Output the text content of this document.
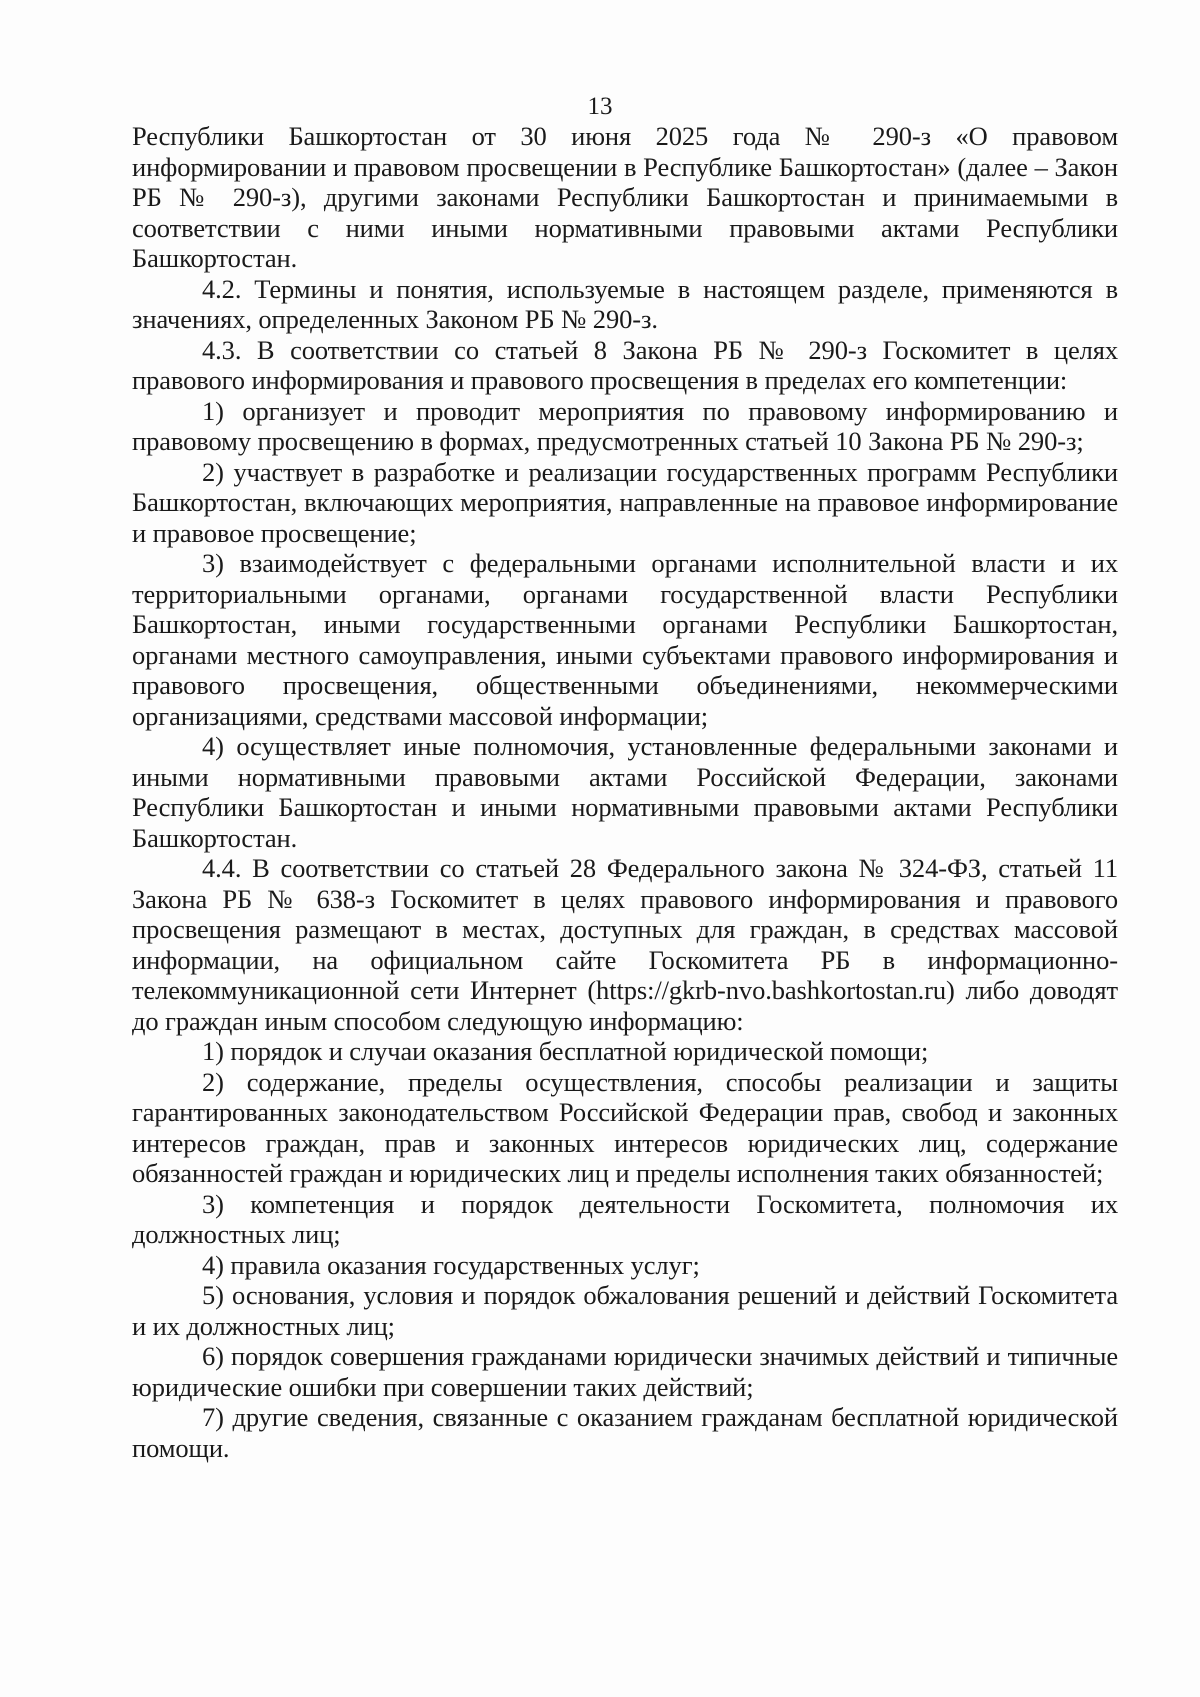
13

Республики Башкортостан от 30 июня 2025 года № 290-з «О правовом информировании и правовом просвещении в Республике Башкортостан» (далее – Закон РБ № 290-з), другими законами Республики Башкортостан и принимаемыми в соответствии с ними иными нормативными правовыми актами Республики Башкортостан.

4.2. Термины и понятия, используемые в настоящем разделе, применяются в значениях, определенных Законом РБ № 290-з.

4.3. В соответствии со статьей 8 Закона РБ № 290-з Госкомитет в целях правового информирования и правового просвещения в пределах его компетенции:

1) организует и проводит мероприятия по правовому информированию и правовому просвещению в формах, предусмотренных статьей 10 Закона РБ № 290-з;

2) участвует в разработке и реализации государственных программ Республики Башкортостан, включающих мероприятия, направленные на правовое информирование и правовое просвещение;

3) взаимодействует с федеральными органами исполнительной власти и их территориальными органами, органами государственной власти Республики Башкортостан, иными государственными органами Республики Башкортостан, органами местного самоуправления, иными субъектами правового информирования и правового просвещения, общественными объединениями, некоммерческими организациями, средствами массовой информации;

4) осуществляет иные полномочия, установленные федеральными законами и иными нормативными правовыми актами Российской Федерации, законами Республики Башкортостан и иными нормативными правовыми актами Республики Башкортостан.

4.4. В соответствии со статьей 28 Федерального закона № 324-ФЗ, статьей 11 Закона РБ № 638-з Госкомитет в целях правового информирования и правового просвещения размещают в местах, доступных для граждан, в средствах массовой информации, на официальном сайте Госкомитета РБ в информационно-телекоммуникационной сети Интернет (https://gkrb-nvo.bashkortostan.ru) либо доводят до граждан иным способом следующую информацию:

1) порядок и случаи оказания бесплатной юридической помощи;

2) содержание, пределы осуществления, способы реализации и защиты гарантированных законодательством Российской Федерации прав, свобод и законных интересов граждан, прав и законных интересов юридических лиц, содержание обязанностей граждан и юридических лиц и пределы исполнения таких обязанностей;

3) компетенция и порядок деятельности Госкомитета, полномочия их должностных лиц;

4) правила оказания государственных услуг;

5) основания, условия и порядок обжалования решений и действий Госкомитета и их должностных лиц;

6) порядок совершения гражданами юридически значимых действий и типичные юридические ошибки при совершении таких действий;

7) другие сведения, связанные с оказанием гражданам бесплатной юридической помощи.
